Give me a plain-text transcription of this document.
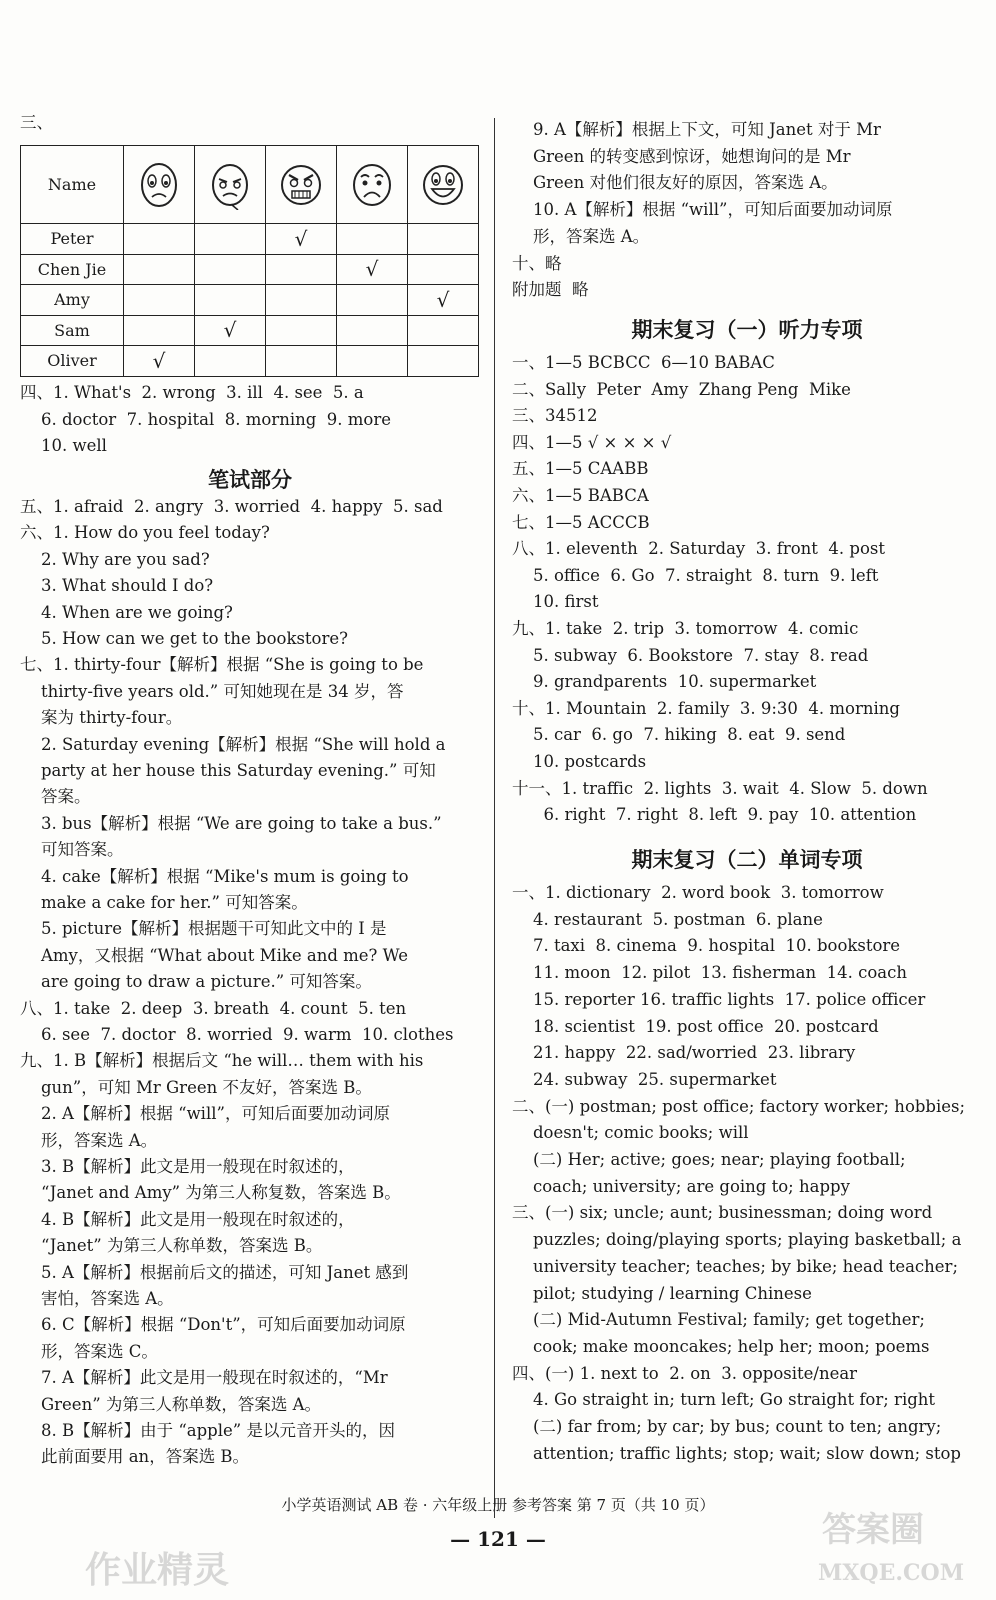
三、
Name					
Peter			√		
Chen Jie				√	
Amy					√
Sam		√			
Oliver	√				
四、1. What's  2. wrong  3. ill  4. see  5. a
6. doctor  7. hospital  8. morning  9. more
10. well
笔试部分
五、1. afraid  2. angry  3. worried  4. happy  5. sad
六、1. How do you feel today?
2. Why are you sad?
3. What should I do?
4. When are we going?
5. How can we get to the bookstore?
七、1. thirty-four【解析】根据 “She is going to be
thirty-five years old.” 可知她现在是 34 岁，答
案为 thirty-four。
2. Saturday evening【解析】根据 “She will hold a
party at her house this Saturday evening.” 可知
答案。
3. bus【解析】根据 “We are going to take a bus.”
可知答案。
4. cake【解析】根据 “Mike's mum is going to
make a cake for her.” 可知答案。
5. picture【解析】根据题干可知此文中的 I 是
Amy，又根据 “What about Mike and me? We
are going to draw a picture.” 可知答案。
八、1. take  2. deep  3. breath  4. count  5. ten
6. see  7. doctor  8. worried  9. warm  10. clothes
九、1. B【解析】根据后文 “he will… them with his
gun”，可知 Mr Green 不友好，答案选 B。
2. A【解析】根据 “will”，可知后面要加动词原
形，答案选 A。
3. B【解析】此文是用一般现在时叙述的，
“Janet and Amy” 为第三人称复数，答案选 B。
4. B【解析】此文是用一般现在时叙述的，
“Janet” 为第三人称单数，答案选 B。
5. A【解析】根据前后文的描述，可知 Janet 感到
害怕，答案选 A。
6. C【解析】根据 “Don't”，可知后面要加动词原
形，答案选 C。
7. A【解析】此文是用一般现在时叙述的，“Mr
Green” 为第三人称单数，答案选 A。
8. B【解析】由于 “apple” 是以元音开头的，因
此前面要用 an，答案选 B。
9. A【解析】根据上下文，可知 Janet 对于 Mr
Green 的转变感到惊讶，她想询问的是 Mr
Green 对他们很友好的原因，答案选 A。
10. A【解析】根据 “will”，可知后面要加动词原
形，答案选 A。
十、略
附加题  略
期末复习（一）听力专项
一、1—5 BCBCC  6—10 BABAC
二、Sally  Peter  Amy  Zhang Peng  Mike
三、34512
四、1—5 √ × × × √
五、1—5 CAABB
六、1—5 BABCA
七、1—5 ACCCB
八、1. eleventh  2. Saturday  3. front  4. post
5. office  6. Go  7. straight  8. turn  9. left
10. first
九、1. take  2. trip  3. tomorrow  4. comic
5. subway  6. Bookstore  7. stay  8. read
9. grandparents  10. supermarket
十、1. Mountain  2. family  3. 9:30  4. morning
5. car  6. go  7. hiking  8. eat  9. send
10. postcards
十一、1. traffic  2. lights  3. wait  4. Slow  5. down
6. right  7. right  8. left  9. pay  10. attention
期末复习（二）单词专项
一、1. dictionary  2. word book  3. tomorrow
4. restaurant  5. postman  6. plane
7. taxi  8. cinema  9. hospital  10. bookstore
11. moon  12. pilot  13. fisherman  14. coach
15. reporter 16. traffic lights  17. police officer
18. scientist  19. post office  20. postcard
21. happy  22. sad/worried  23. library
24. subway  25. supermarket
二、(一) postman; post office; factory worker; hobbies;
doesn't; comic books; will
(二) Her; active; goes; near; playing football;
coach; university; are going to; happy
三、(一) six; uncle; aunt; businessman; doing word
puzzles; doing/playing sports; playing basketball; a
university teacher; teaches; by bike; head teacher;
pilot; studying / learning Chinese
(二) Mid-Autumn Festival; family; get together;
cook; make mooncakes; help her; moon; poems
四、(一) 1. next to  2. on  3. opposite/near
4. Go straight in; turn left; Go straight for; right
(二) far from; by car; by bus; count to ten; angry;
attention; traffic lights; stop; wait; slow down; stop
小学英语测试 AB 卷 · 六年级上册 参考答案 第 7 页（共 10 页）
— 121 —
作业精灵
答案圈
MXQE.COM
